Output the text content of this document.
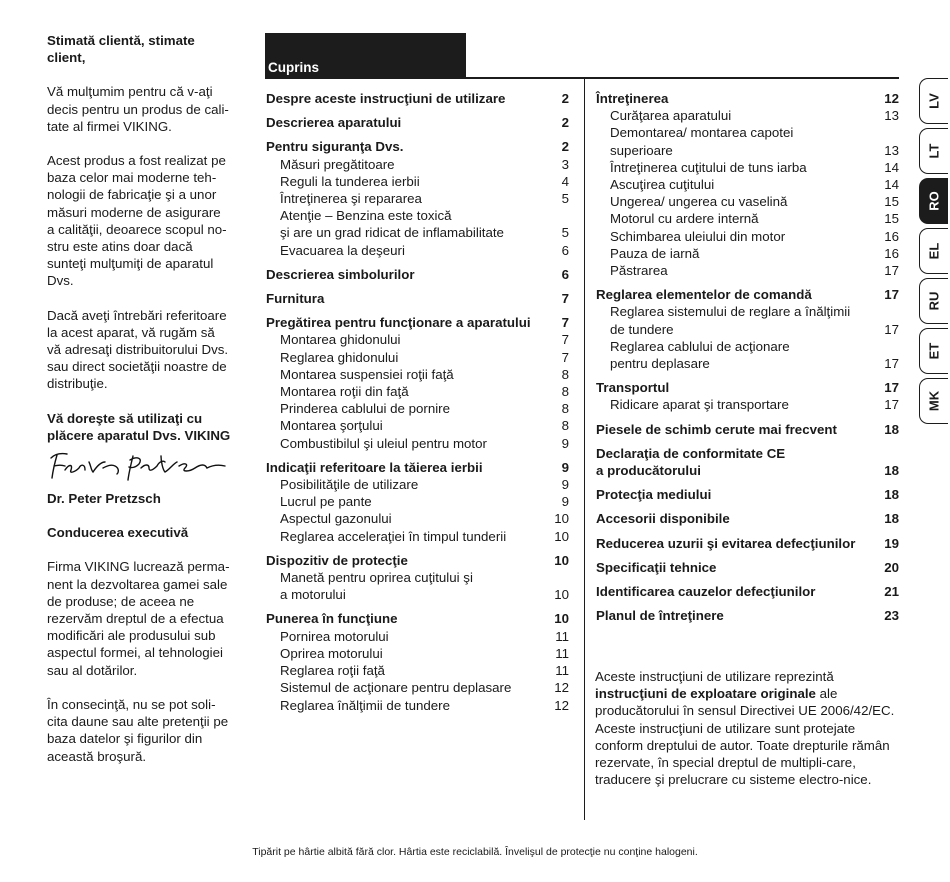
Stimată clientă, stimate
client,

Vă mulţumim pentru că v-aţi
decis pentru un produs de cali-
tate al firmei VIKING.

Acest produs a fost realizat pe
baza celor mai moderne teh-
nologii de fabricaţie şi a unor
măsuri moderne de asigurare
a calităţii, deoarece scopul no-
stru este atins doar dacă
sunteţi mulţumiţi de aparatul
Dvs.

Dacă aveţi întrebări referitoare
la acest aparat, vă rugăm să
vă adresaţi distribuitorului Dvs.
sau direct societăţii noastre de
distribuţie.

Vă doreşte să utilizaţi cu
plăcere aparatul Dvs. VIKING

Dr. Peter Pretzsch

Conducerea executivă

Firma VIKING lucrează perma-
nent la dezvoltarea gamei sale
de produse; de aceea ne
rezervăm dreptul de a efectua
modificări ale produsului sub
aspectul formei, al tehnologiei
sau al dotărilor.

În consecinţă, nu se pot soli-
cita daune sau alte pretenţii pe
baza datelor şi figurilor din
această broşură.

Cuprins
Despre aceste instrucţiuni de utilizare	2
Descrierea aparatului	2
Pentru siguranţa Dvs.	2
Măsuri pregătitoare	3
Reguli la tunderea ierbii	4
Întreţinerea şi repararea	5
Atenţie – Benzina este toxică
şi are un grad ridicat de inflamabilitate	5
Evacuarea la deşeuri	6
Descrierea simbolurilor	6
Furnitura	7
Pregătirea pentru funcţionare a aparatului	7
Montarea ghidonului	7
Reglarea ghidonului	7
Montarea suspensiei roţii faţă	8
Montarea roţii din faţă	8
Prinderea cablului de pornire	8
Montarea şorţului	8
Combustibilul şi uleiul pentru motor	9
Indicaţii referitoare la tăierea ierbii	9
Posibilităţile de utilizare	9
Lucrul pe pante	9
Aspectul gazonului	10
Reglarea acceleraţiei în timpul tunderii	10
Dispozitiv de protecţie	10
Manetă pentru oprirea cuţitului şi
a motorului	10
Punerea în funcţiune	10
Pornirea motorului	11
Oprirea motorului	11
Reglarea roţii faţă	11
Sistemul de acţionare pentru deplasare	12
Reglarea înălţimii de tundere	12
Întreţinerea	12
Curăţarea aparatului	13
Demontarea/ montarea capotei
superioare	13
Întreţinerea cuţitului de tuns iarba	14
Ascuţirea cuţitului	14
Ungerea/ ungerea cu vaselină	15
Motorul cu ardere internă	15
Schimbarea uleiului din motor	16
Pauza de iarnă	16
Păstrarea	17
Reglarea elementelor de comandă	17
Reglarea sistemului de reglare a înălţimii
de tundere	17
Reglarea cablului de acţionare
pentru deplasare	17
Transportul	17
Ridicare aparat şi transportare	17
Piesele de schimb cerute mai frecvent	18
Declaraţia de conformitate CE
a producătorului	18
Protecţia mediului	18
Accesorii disponibile	18
Reducerea uzurii şi evitarea defecţiunilor	19
Specificaţii tehnice	20
Identificarea cauzelor defecţiunilor	21
Planul de întreţinere	23

Aceste instrucţiuni de utilizare reprezintă

instrucţiuni de exploatare originale ale

producătorului în sensul Directivei UE 2006/42/EC.

Aceste instrucţiuni de utilizare sunt protejate conform dreptului de autor. Toate drepturile rămân rezervate, în special dreptul de multipli-care, traducere şi prelucrare cu sisteme electro-nice.

LV
LT
RO
EL
RU
ET
MK
Tipărit pe hârtie albită fără clor. Hârtia este reciclabilă. Învelişul de protecţie nu conţine halogeni.
